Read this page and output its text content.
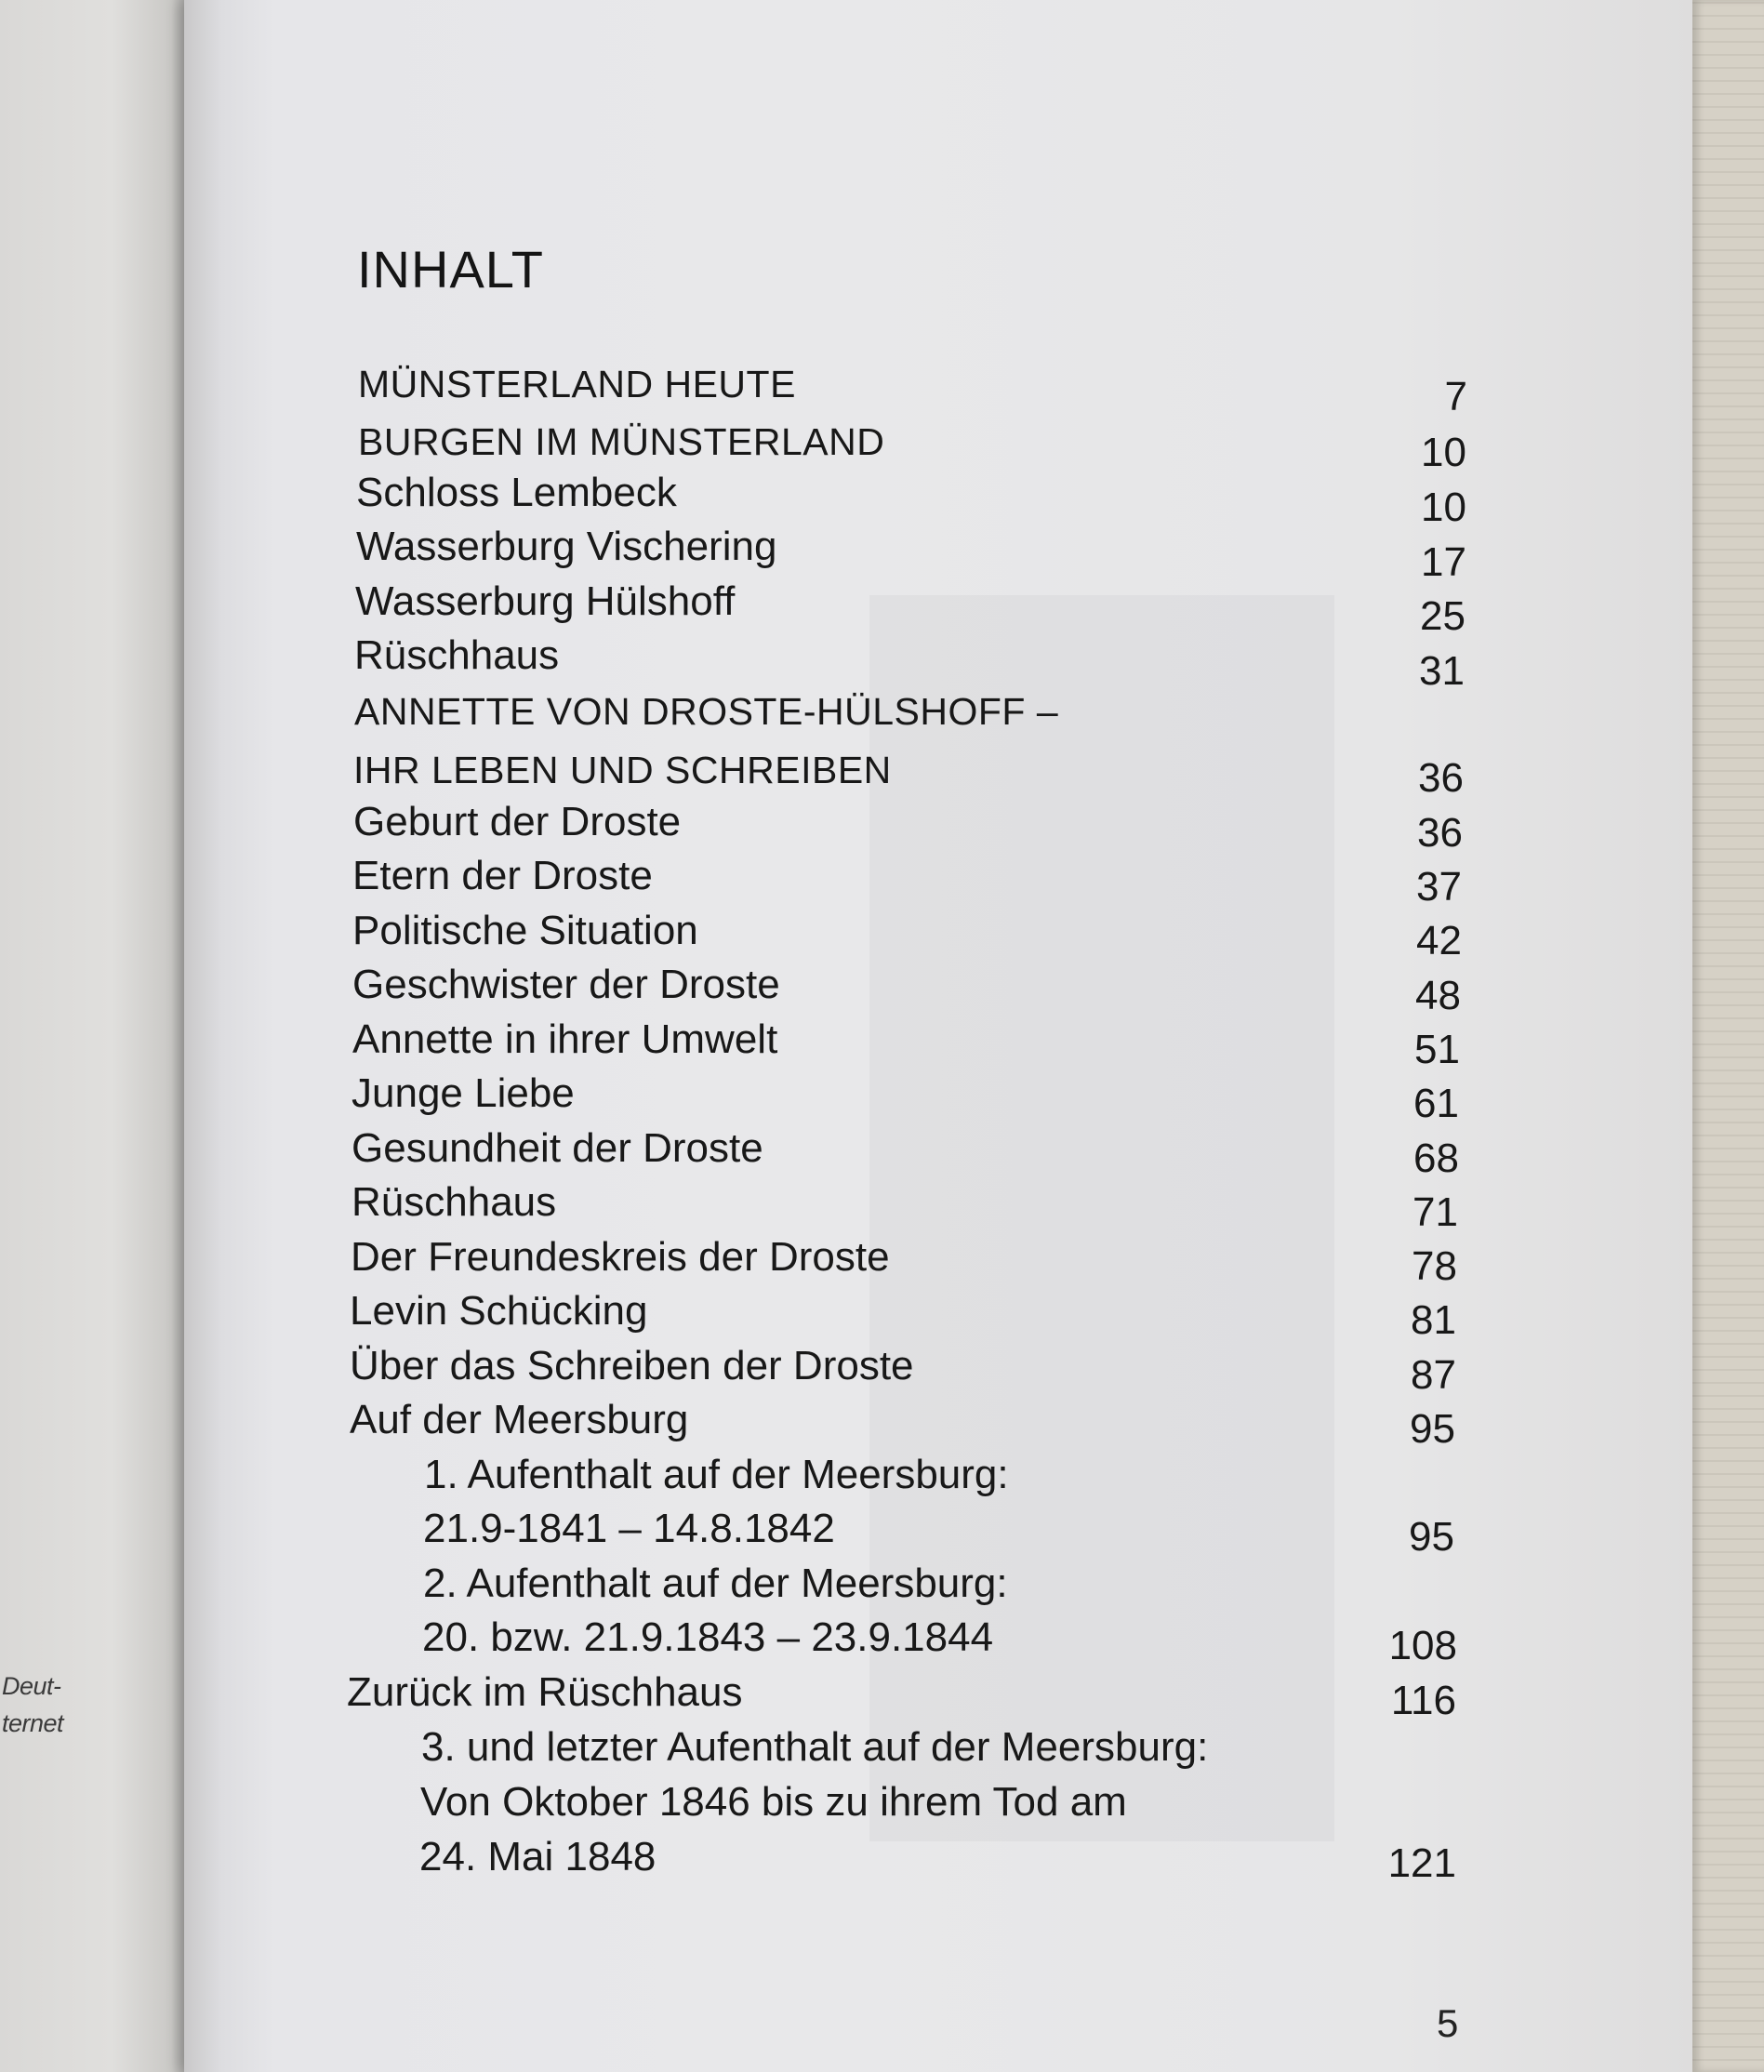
Deut-
ternet
INHALT
MÜNSTERLAND HEUTE	7
BURGEN IM MÜNSTERLAND	10
Schloss Lembeck	10
Wasserburg Vischering	17
Wasserburg Hülshoff	25
Rüschhaus	31
ANNETTE VON DROSTE-HÜLSHOFF –
IHR LEBEN UND SCHREIBEN	36
Geburt der Droste	36
Etern der Droste	37
Politische Situation	42
Geschwister der Droste	48
Annette in ihrer Umwelt	51
Junge Liebe	61
Gesundheit der Droste	68
Rüschhaus	71
Der Freundeskreis der Droste	78
Levin Schücking	81
Über das Schreiben der Droste	87
Auf der Meersburg	95
1. Aufenthalt auf der Meersburg:
21.9-1841 – 14.8.1842	95
2. Aufenthalt auf der Meersburg:
20. bzw. 21.9.1843 – 23.9.1844	108
Zurück im Rüschhaus	116
3. und letzter Aufenthalt auf der Meersburg:
Von Oktober 1846 bis zu ihrem Tod am
24. Mai 1848	121
5
